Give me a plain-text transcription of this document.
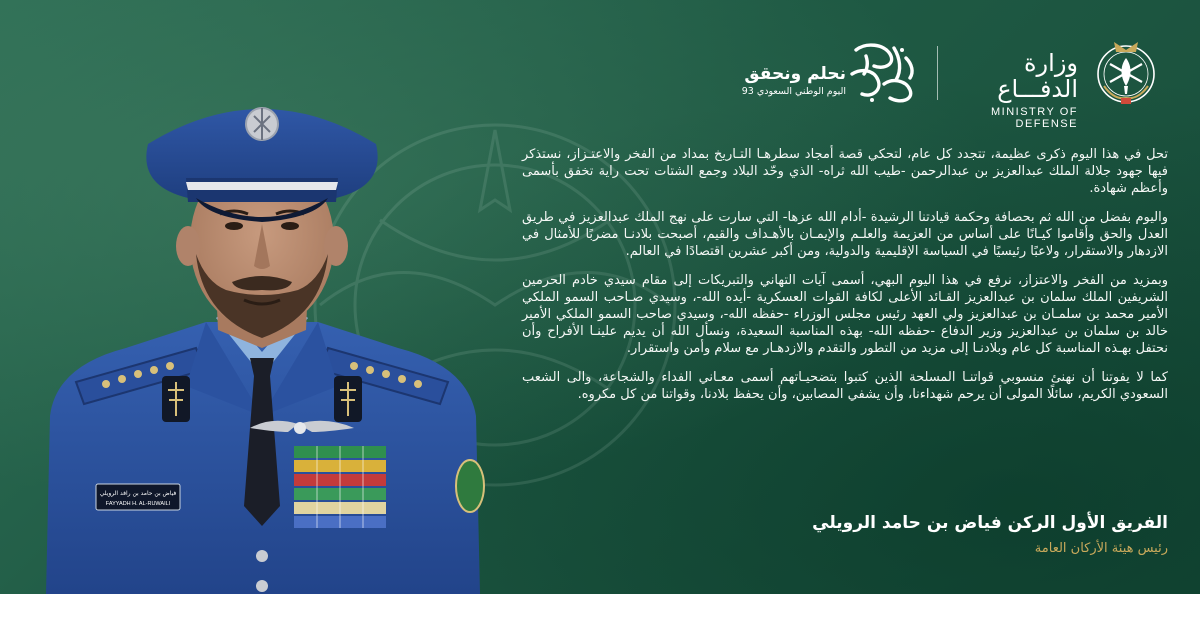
وزارة الدفـــاع
MINISTRY OF DEFENSE
نحلم ونحقق
اليوم الوطني السعودي 93

تحل في هذا اليوم ذكرى عظيمة، تتجدد كل عام، لتحكي قصة أمجاد سطرهـا التـاريخ بمداد من الفخر والاعتـزاز، نستذكر فيها جهود جلالة الملك عبدالعزيز بن عبدالرحمن -طيب الله ثراه- الذي وحّد البلاد وجمع الشتات تحت راية تخفق بأسمى وأعظم شهادة.

واليوم بفضل من الله ثم بحصافة وحكمة قيادتنا الرشيدة -أدام الله عزها- التي سارت على نهج الملك عبدالعزيز في طريق العدل والحق وأقاموا كيـانًا على أساس من العزيمة والعلـم والإيمـان بالأهـداف والقيم، أصبحت بلادنـا مضربًا للأمثال في الازدهار والاستقرار، ولاعبًا رئيسيًا في السياسة الإقليمية والدولية، ومن أكبر عشرين اقتصادًا في العالم.

وبمزيد من الفخر والاعتزاز، نرفع في هذا اليوم البهي، أسمى آيات التهاني والتبريكات إلى مقام سيدي خادم الحرمين الشريفين الملك سلمان بن عبدالعزيز القـائد الأعلى لكافة القوات العسكرية -أيده الله-، وسيدي صـاحب السمو الملكي الأمير محمد بن سلمـان بن عبدالعزيز ولي العهد رئيس مجلس الوزراء -حفظه الله-، وسيدي صاحب السمو الملكي الأمير خالد بن سلمان بن عبدالعزيز وزير الدفاع -حفظه الله- بهذه المناسبة السعيدة، ونسأل الله أن يديم علينـا الأفراح وأن نحتفل بهـذه المناسبة كل عام وبلادنـا إلى مزيد من التطور والتقدم والازدهـار مع سلام وأمن واستقرار.

كما لا يفوتنا أن نهنئ منسوبي قواتنـا المسلحة الذين كتبوا بتضحيـاتهم أسمى معـاني الفداء والشجاعة، والى الشعب السعودي الكريم، سائلًا المولى أن يرحم شهداءنا، وأن يشفي المصابين، وأن يحفظ بلادنا، وقواتنا من كل مكروه.

الفريق الأول الركن فياض بن حامد الرويلي
رئيس هيئة الأركان العامة
فياض بن حامد بن رافد الرويلي
FAYYADH H. AL-RUWAILI
